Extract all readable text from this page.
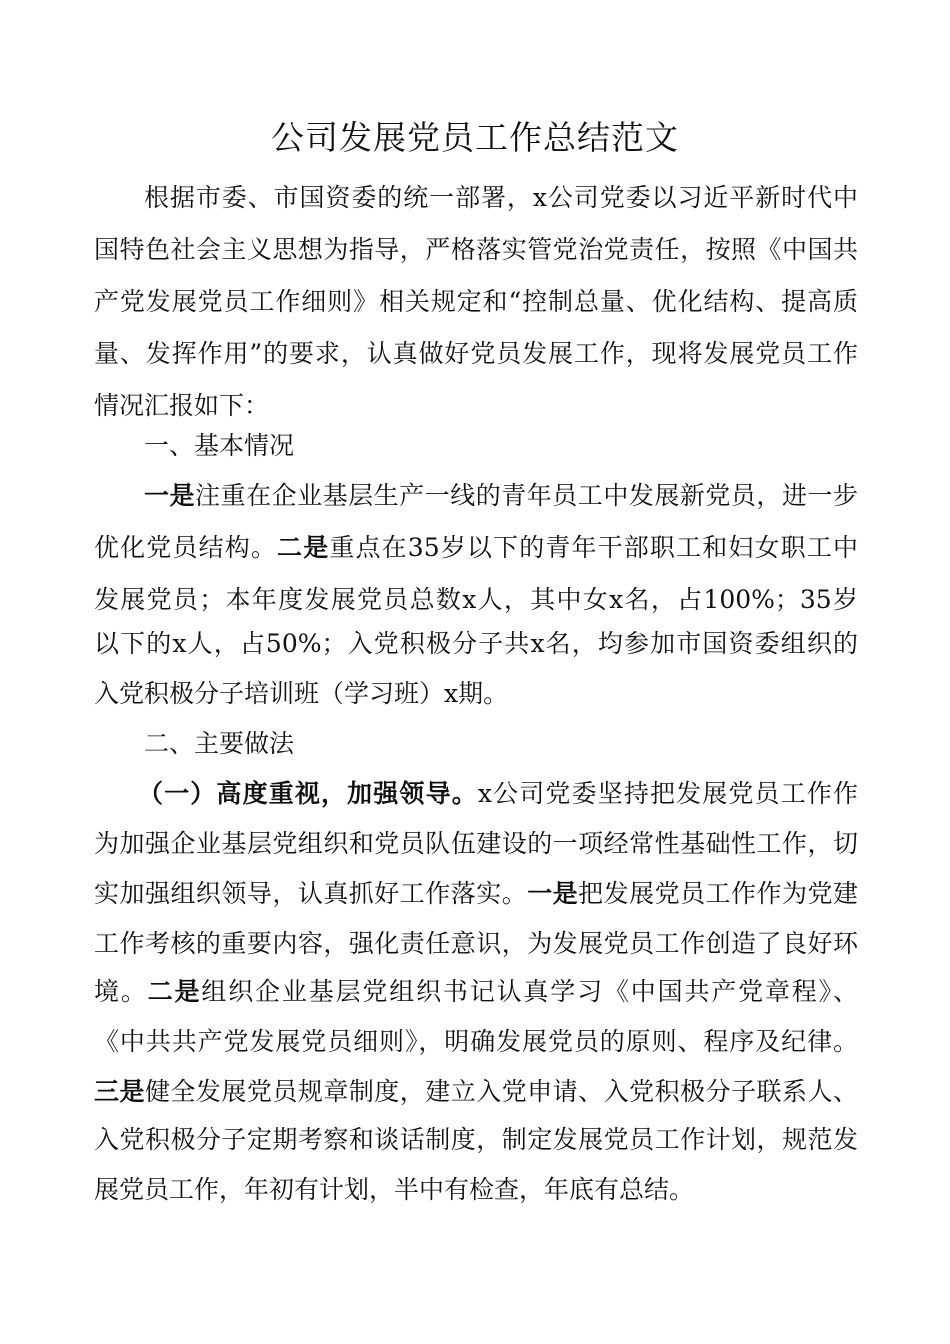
公司发展党员工作总结范文
根据市委、市国资委的统一部署，x公司党委以习近平新时代中
国特色社会主义思想为指导，严格落实管党治党责任，按照《中国共
产党发展党员工作细则》相关规定和“控制总量、优化结构、提高质
量、发挥作用”的要求，认真做好党员发展工作，现将发展党员工作
情况汇报如下：
一、基本情况
一是注重在企业基层生产一线的青年员工中发展新党员，进一步
优化党员结构。二是重点在35岁以下的青年干部职工和妇女职工中
发展党员；本年度发展党员总数x人，其中女x名，占100%；35岁
以下的x人，占50%；入党积极分子共x名，均参加市国资委组织的
入党积极分子培训班（学习班）x期。
二、主要做法
（一）高度重视，加强领导。x公司党委坚持把发展党员工作作
为加强企业基层党组织和党员队伍建设的一项经常性基础性工作，切
实加强组织领导，认真抓好工作落实。一是把发展党员工作作为党建
工作考核的重要内容，强化责任意识，为发展党员工作创造了良好环
境。二是组织企业基层党组织书记认真学习《中国共产党章程》、
《中共共产党发展党员细则》，明确发展党员的原则、程序及纪律。
三是健全发展党员规章制度，建立入党申请、入党积极分子联系人、
入党积极分子定期考察和谈话制度，制定发展党员工作计划，规范发
展党员工作，年初有计划，半中有检查，年底有总结。
